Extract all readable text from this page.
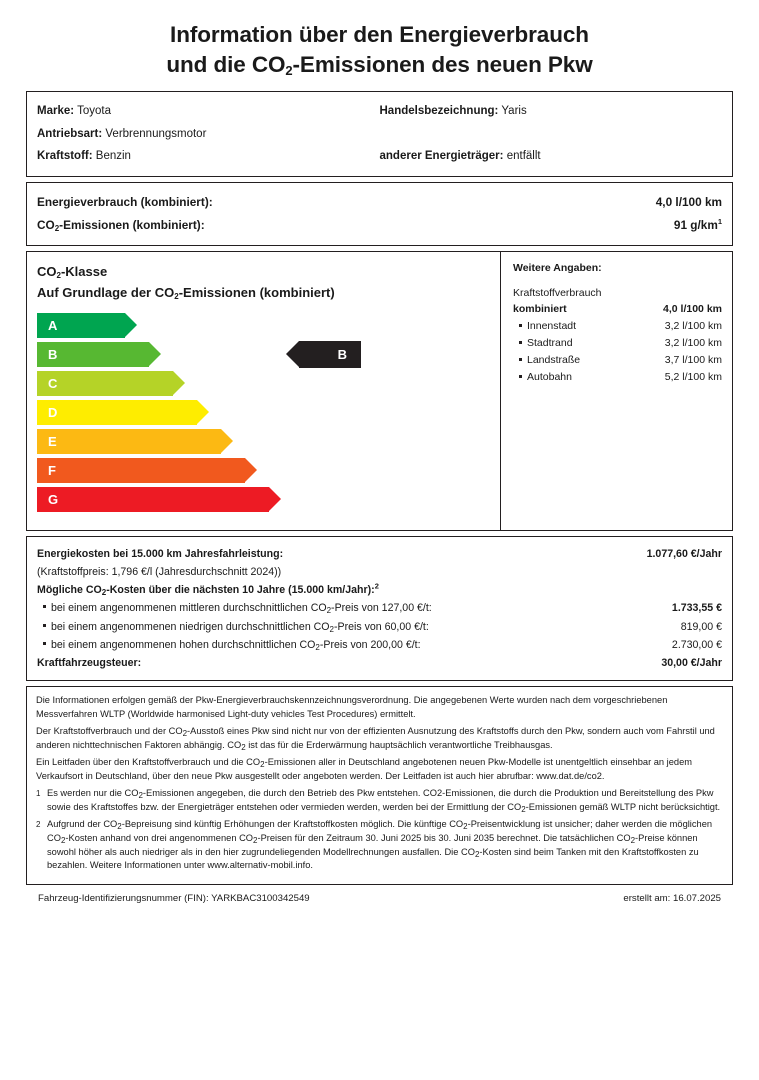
Information über den Energieverbrauch
und die $CO_2$-Emissionen des neuen Pkw
Marke: Toyota	Handelsbezeichnung: Yaris
Antriebsart: Verbrennungsmotor
Kraftstoff: Benzin	anderer Energieträger: entfällt
Energieverbrauch (kombiniert):	4,0 l/100 km
$CO_2$-Emissionen (kombiniert):	91 $g/km^1$
$CO_2$-Klasse
Auf Grundlage der $CO_2$-Emissionen (kombiniert)
A
B	B
C
D
E
F
G
Weitere Angaben:
Kraftstoffverbrauch
kombiniert	4,0 l/100 km
Innenstadt	3,2 l/100 km
Stadtrand	3,2 l/100 km
Landstraße	3,7 l/100 km
Autobahn	5,2 l/100 km
Energiekosten bei 15.000 km Jahresfahrleistung:	1.077,60 €/Jahr
(Kraftstoffpreis: 1,796 €/l (Jahresdurchschnitt 2024))
Mögliche $CO_2$-Kosten über die nächsten 10 Jahre (15.000 km/Jahr):$^2$
bei einem angenommenen mittleren durchschnittlichen $CO_2$-Preis von 127,00 €/t:	1.733,55 €
bei einem angenommenen niedrigen durchschnittlichen $CO_2$-Preis von 60,00 €/t:	819,00 €
bei einem angenommenen hohen durchschnittlichen $CO_2$-Preis von 200,00 €/t:	2.730,00 €
Kraftfahrzeugsteuer:	30,00 €/Jahr

Die Informationen erfolgen gemäß der Pkw-Energieverbrauchskennzeichnungsverordnung. Die angegebenen Werte wurden nach dem vorgeschriebenen Messverfahren WLTP (Worldwide harmonised Light-duty vehicles Test Procedures) ermittelt.

Der Kraftstoffverbrauch und der $CO_2$-Ausstoß eines Pkw sind nicht nur von der effizienten Ausnutzung des Kraftstoffs durch den Pkw, sondern auch vom Fahrstil und anderen nichttechnischen Faktoren abhängig. $CO_2$ ist das für die Erderwärmung hauptsächlich verantwortliche Treibhausgas.

Ein Leitfaden über den Kraftstoffverbrauch und die $CO_2$-Emissionen aller in Deutschland angebotenen neuen Pkw-Modelle ist unentgeltlich einsehbar an jedem Verkaufsort in Deutschland, über den neue Pkw ausgestellt oder angeboten werden. Der Leitfaden ist auch hier abrufbar: www.dat.de/co2.

1 Es werden nur die $CO_2$-Emissionen angegeben, die durch den Betrieb des Pkw entstehen. CO2-Emissionen, die durch die Produktion und Bereitstellung des Pkw sowie des Kraftstoffes bzw. der Energieträger entstehen oder vermieden werden, werden bei der Ermittlung der $CO_2$-Emissionen gemäß WLTP nicht berücksichtigt.
2 Aufgrund der $CO_2$-Bepreisung sind künftig Erhöhungen der Kraftstoffkosten möglich. Die künftige $CO_2$-Preisentwicklung ist unsicher; daher werden die möglichen $CO_2$-Kosten anhand von drei angenommenen $CO_2$-Preisen für den Zeitraum 30. Juni 2025 bis 30. Juni 2035 berechnet. Die tatsächlichen $CO_2$-Preise können sowohl höher als auch niedriger als in den hier zugrundeliegenden Modellrechnungen ausfallen. Die $CO_2$-Kosten sind beim Tanken mit den Kraftstoffkosten zu bezahlen. Weitere Informationen unter www.alternativ-mobil.info.
Fahrzeug-Identifizierungsnummer (FIN): YARKBAC3100342549	erstellt am: 16.07.2025
